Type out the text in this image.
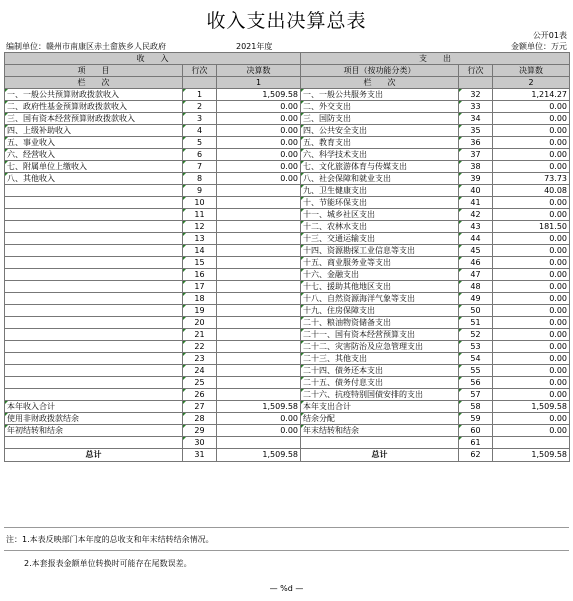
收入支出决算总表
公开01表
编制单位：赣州市南康区赤土畲族乡人民政府	2021年度	金额单位：万元
收　　入			支　　出		
项　　目	行次	决算数	项目（按功能分类）	行次	决算数
栏　　次		1	栏　　次		2
一、一般公共预算财政拨款收入	1	1,509.58	一、一般公共服务支出	32	1,214.27
二、政府性基金预算财政拨款收入	2	0.00	二、外交支出	33	0.00
三、国有资本经营预算财政拨款收入	3	0.00	三、国防支出	34	0.00
四、上级补助收入	4	0.00	四、公共安全支出	35	0.00
五、事业收入	5	0.00	五、教育支出	36	0.00
六、经营收入	6	0.00	六、科学技术支出	37	0.00
七、附属单位上缴收入	7	0.00	七、文化旅游体育与传媒支出	38	0.00
八、其他收入	8	0.00	八、社会保障和就业支出	39	73.73
	9		九、卫生健康支出	40	40.08
	10		十、节能环保支出	41	0.00
	11		十一、城乡社区支出	42	0.00
	12		十二、农林水支出	43	181.50
	13		十三、交通运输支出	44	0.00
	14		十四、资源勘探工业信息等支出	45	0.00
	15		十五、商业服务业等支出	46	0.00
	16		十六、金融支出	47	0.00
	17		十七、援助其他地区支出	48	0.00
	18		十八、自然资源海洋气象等支出	49	0.00
	19		十九、住房保障支出	50	0.00
	20		二十、粮油物资储备支出	51	0.00
	21		二十一、国有资本经营预算支出	52	0.00
	22		二十二、灾害防治及应急管理支出	53	0.00
	23		二十三、其他支出	54	0.00
	24		二十四、债务还本支出	55	0.00
	25		二十五、债务付息支出	56	0.00
	26		二十六、抗疫特别国债安排的支出	57	0.00
本年收入合计	27	1,509.58	本年支出合计	58	1,509.58
使用非财政拨款结余	28	0.00	结余分配	59	0.00
年初结转和结余	29	0.00	年末结转和结余	60	0.00
	30			61	
总计	31	1,509.58	总计	62	1,509.58
注：1.本表反映部门本年度的总收支和年末结转结余情况。
2.本套报表金额单位转换时可能存在尾数误差。
— %d —
